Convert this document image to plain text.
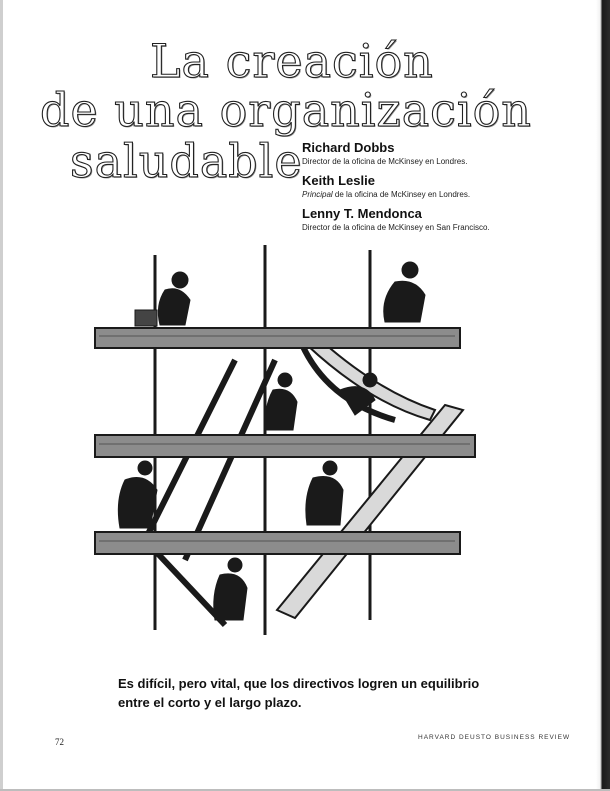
La creación
de una organización
saludable Richard Dobbs
Director de la oficina de McKinsey en Londres.
Keith Leslie
Principal de la oficina de McKinsey en Londres.
Lenny T. Mendonca
Director de la oficina de McKinsey en San Francisco.

Es difícil, pero vital, que los directivos logren un equilibrio entre el corto y el largo plazo.

72	HARVARD DEUSTO BUSINESS REVIEW
